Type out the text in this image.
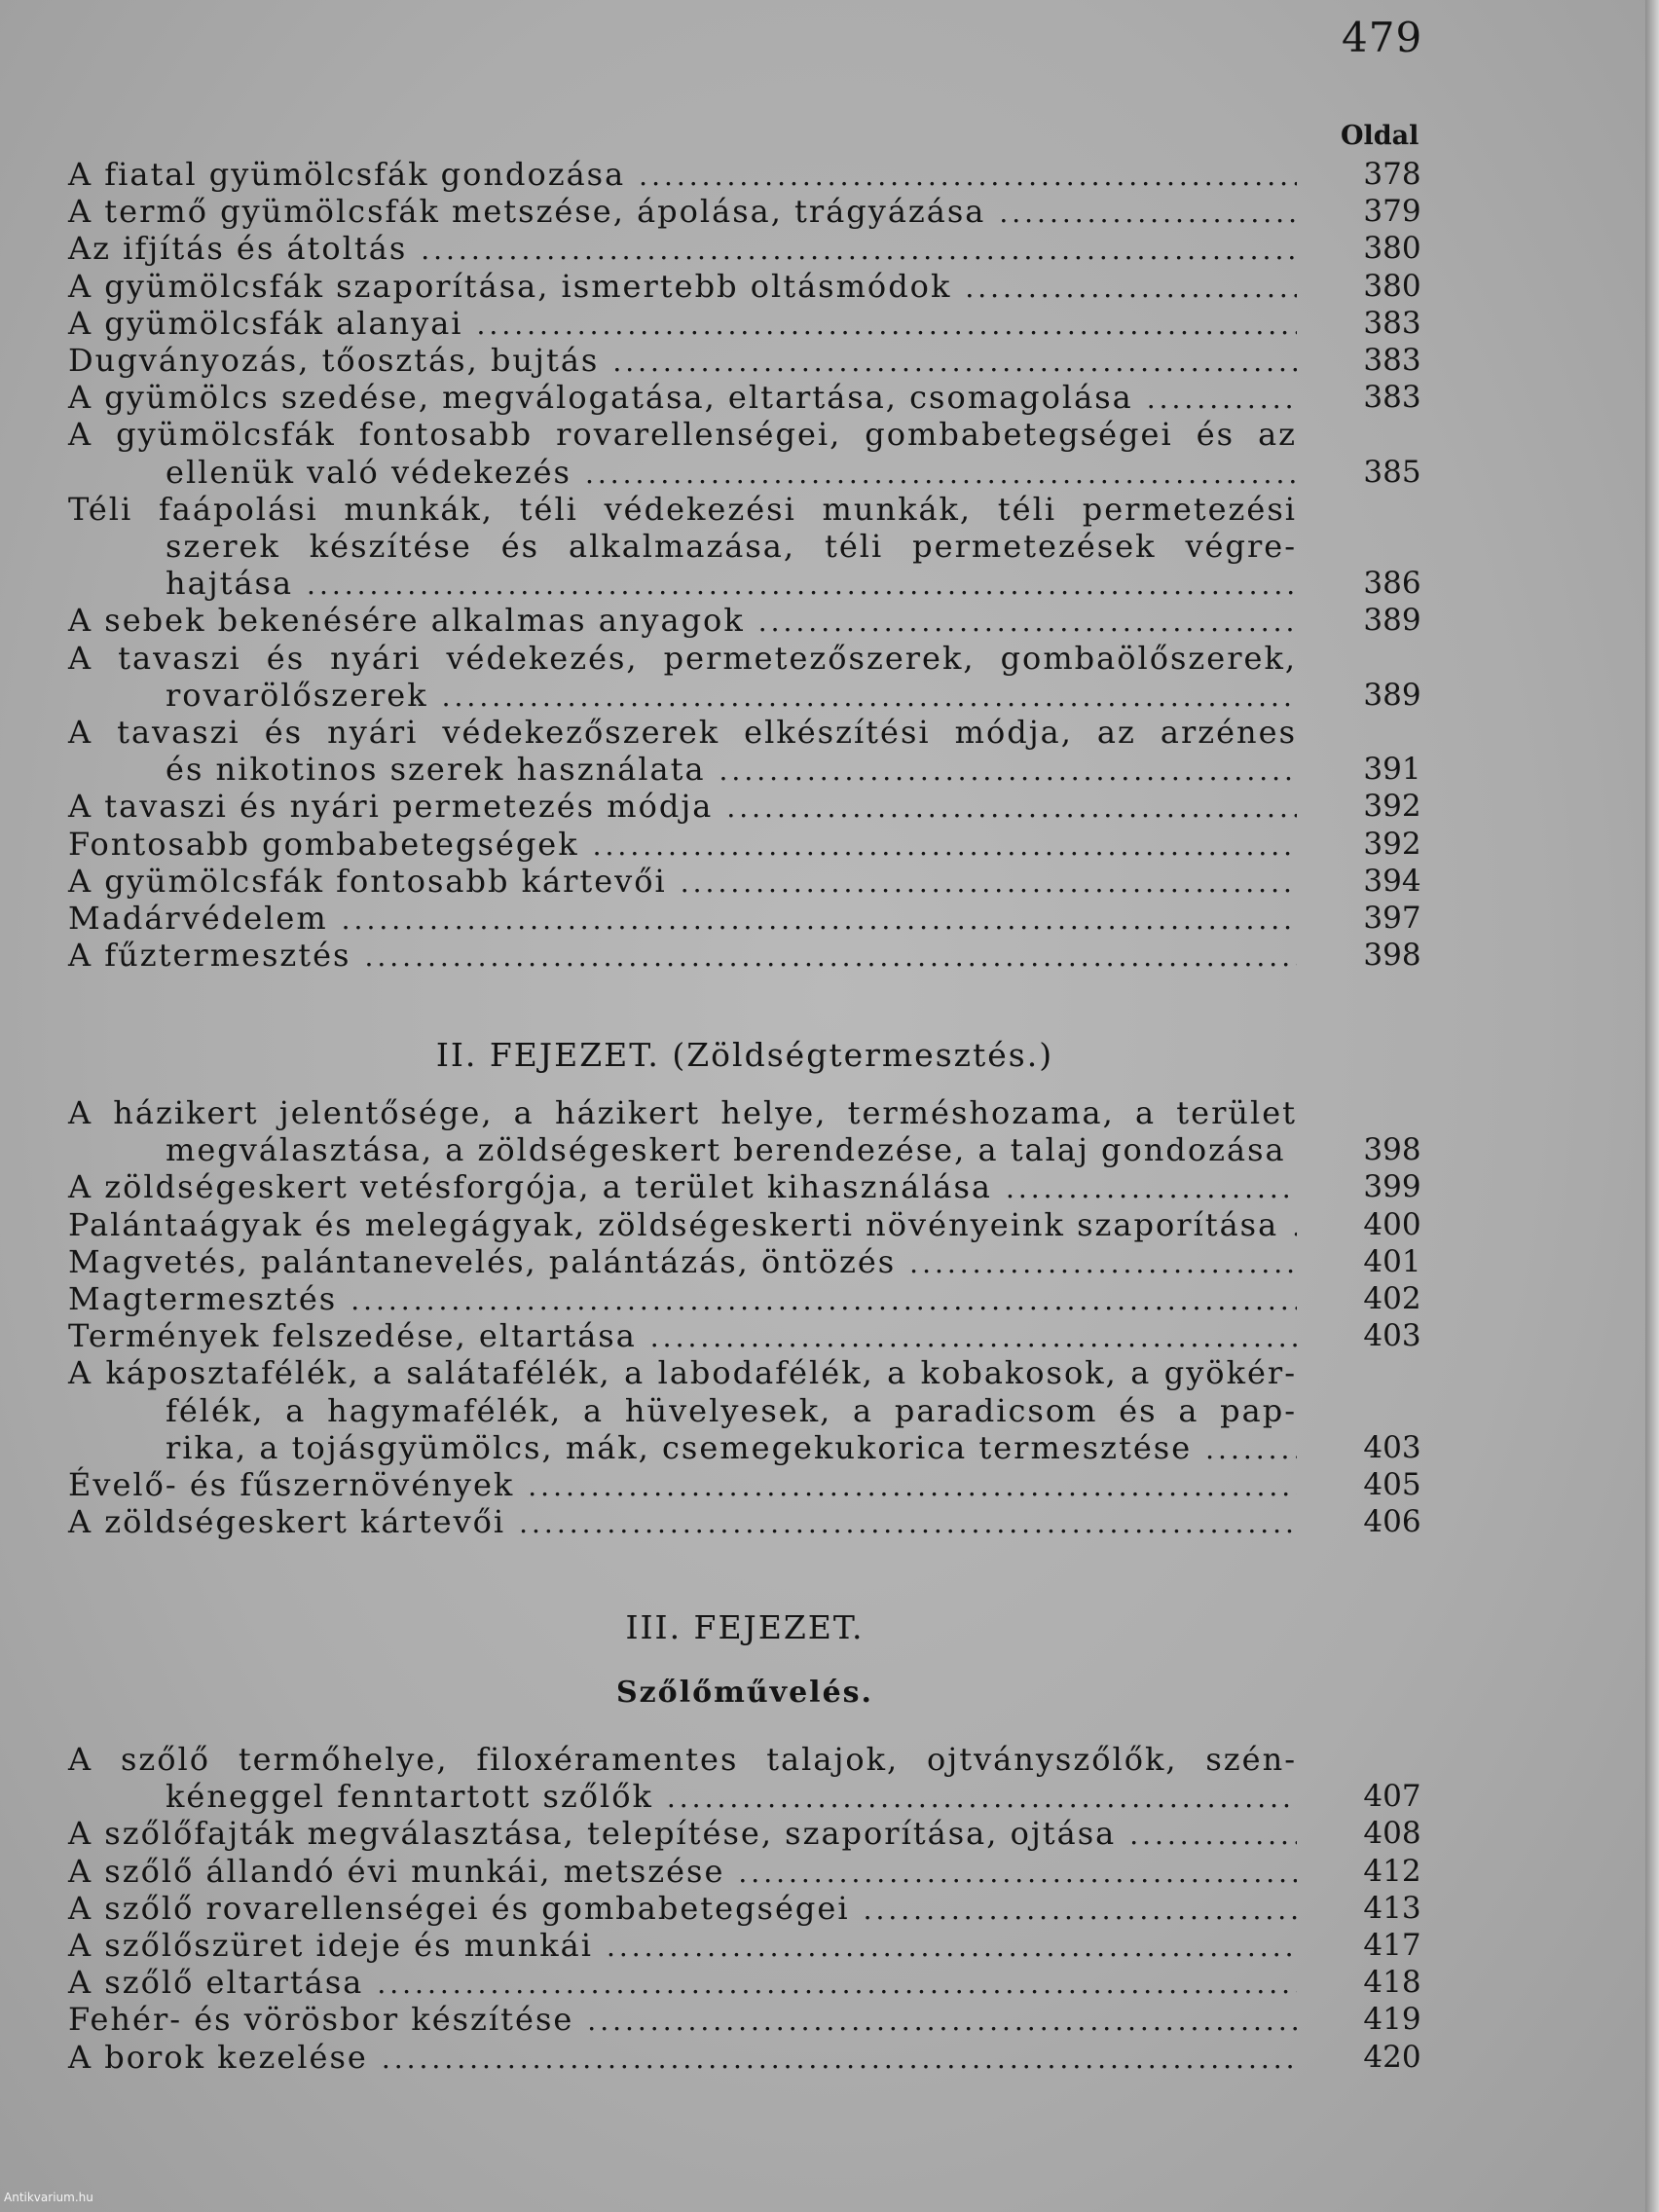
479
Oldal
A fiatal gyümölcsfák gondozása .....	378
A termő gyümölcsfák metszése, ápolása, trágyázása .....	379
Az ifjítás és átoltás .....	380
A gyümölcsfák szaporítása, ismertebb oltásmódok .....	380
A gyümölcsfák alanyai .....	383
Dugványozás, tőosztás, bujtás .....	383
A gyümölcs szedése, megválogatása, eltartása, csomagolása .....	383
A gyümölcsfák fontosabb rovarellenségei, gombabetegségei és az
ellenük való védekezés .....	385
Téli faápolási munkák, téli védekezési munkák, téli permetezési
szerek készítése és alkalmazása, téli permetezések végre-
hajtása .....	386
A sebek bekenésére alkalmas anyagok .....	389
A tavaszi és nyári védekezés, permetezőszerek, gombaölőszerek,
rovarölőszerek .....	389
A tavaszi és nyári védekezőszerek elkészítési módja, az arzénes
és nikotinos szerek használata .....	391
A tavaszi és nyári permetezés módja .....	392
Fontosabb gombabetegségek .....	392
A gyümölcsfák fontosabb kártevői .....	394
Madárvédelem .....	397
A fűztermesztés .....	398
II. FEJEZET. (Zöldségtermesztés.)
A házikert jelentősége, a házikert helye, terméshozama, a terület
megválasztása, a zöldségeskert berendezése, a talaj gondozása	398
A zöldségeskert vetésforgója, a terület kihasználása .....	399
Palántaágyak és melegágyak, zöldségeskerti növényeink szaporítása .....	400
Magvetés, palántanevelés, palántázás, öntözés .....	401
Magtermesztés .....	402
Termények felszedése, eltartása .....	403
A káposztafélék, a salátafélék, a labodafélék, a kobakosok, a gyökér-
félék, a hagymafélék, a hüvelyesek, a paradicsom és a pap-
rika, a tojásgyümölcs, mák, csemegekukorica termesztése .....	403
Évelő- és fűszernövények .....	405
A zöldségeskert kártevői .....	406
III. FEJEZET.
Szőlőművelés.
A szőlő termőhelye, filoxéramentes talajok, ojtványszőlők, szén-
kéneggel fenntartott szőlők .....	407
A szőlőfajták megválasztása, telepítése, szaporítása, ojtása .....	408
A szőlő állandó évi munkái, metszése .....	412
A szőlő rovarellenségei és gombabetegségei .....	413
A szőlőszüret ideje és munkái .....	417
A szőlő eltartása .....	418
Fehér- és vörösbor készítése .....	419
A borok kezelése .....	420
Antikvarium.hu
